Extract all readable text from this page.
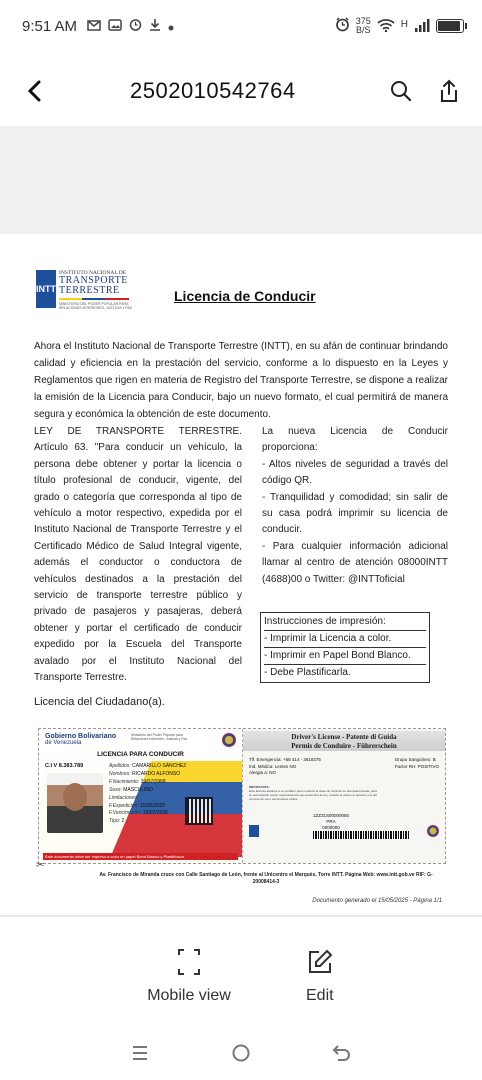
9:51 AM	375
B/S	H
2502010542764
INTT
INSTITUTO NACIONAL DE
TRANSPORTE
TERRESTRE
MINISTERIO DEL PODER POPULAR PARA RELACIONES INTERIORES, JUSTICIA Y PAZ
Licencia de Conducir

Ahora el Instituto Nacional de Transporte Terrestre (INTT), en su afán de continuar brindando calidad y eficiencia en la prestación del servicio, conforme a lo dispuesto en la Leyes y Reglamentos que rigen en materia de Registro del Transporte Terrestre, se dispone a realizar la emisión de la Licencia para Conducir, bajo un nuevo formato, el cual permitirá de manera segura y económica la obtención de este documento.

LEY DE TRANSPORTE TERRESTRE. Artículo 63. "Para conducir un vehículo, la persona debe obtener y portar la licencia o título profesional de conducir, vigente, del grado o categoría que corresponda al tipo de vehículo a motor respectivo, expedida por el Instituto Nacional de Transporte Terrestre y el Certificado Médico de Salud Integral vigente, además el conductor o conductora de vehículos destinados a la prestación del servicio de transporte terrestre público y privado de pasajeros y pasajeras, deberá obtener y portar el certificado de conducir expedido por la Escuela del Transporte avalado por el Instituto Nacional del Transporte Terrestre.

La nueva Licencia de Conducir proporciona:

- Altos niveles de seguridad a través del código QR.

- Tranquilidad y comodidad; sin salir de su casa podrá imprimir su licencia de conducir.

- Para cualquier información adicional llamar al centro de atención 08000INTT (4688)00 o Twitter: @INTToficial

Instrucciones de impresión:
- Imprimir la Licencia a color.
- Imprimir en Papel Bond Blanco.
- Debe Plastificarla.
Licencia del Ciudadano(a).
Gobierno Bolivariano
de Venezuela
Ministerio del Poder Popular para Relaciones Interiores, Justicia y Paz
LICENCIA PARA CONDUCIR
C.I V 8.383.789	Apellidos: CAMARILLO SANCHEZ
Nombres: RICARDO ALFONSO
F.Nacimiento: 19/07/1968
Sexo: MASCULINO
Limitaciones:
F.Expedición: 15/05/2025
F.Vencimiento: 19/07/2035
Tipo: 2
Este documento debe ser impreso a color en papel Bond Blanco y Plastificado
Driver's License - Patente di Guida
Permis de Conduire - Führerschein
Tlf. Emergencia: +58 414 - 3619375
Ind. Médica: Lentes NO
Alergia a: NO
Grupo Sanguíneo: B
Factor RH: POSITIVO
IMPORTANTE:
Este licencia autoriza a su portador para conducir la clase de vehículo su ella determinada, para su autorización según requerimientos que determina la Ley, cuando el mismo lo autorice y la del expreso de vía o documentos civiles.
1ZZ31S00000050
PRA
0000000
✂
Av. Francisco de Miranda cruce con Calle Santiago de León, frente al Unicentro el Marqués, Torre INTT. Página Web: www.intt.gob.ve RIF: G-20008414-3
Documento generado el 15/05/2025 - Página 1/1
Mobile view	Edit
